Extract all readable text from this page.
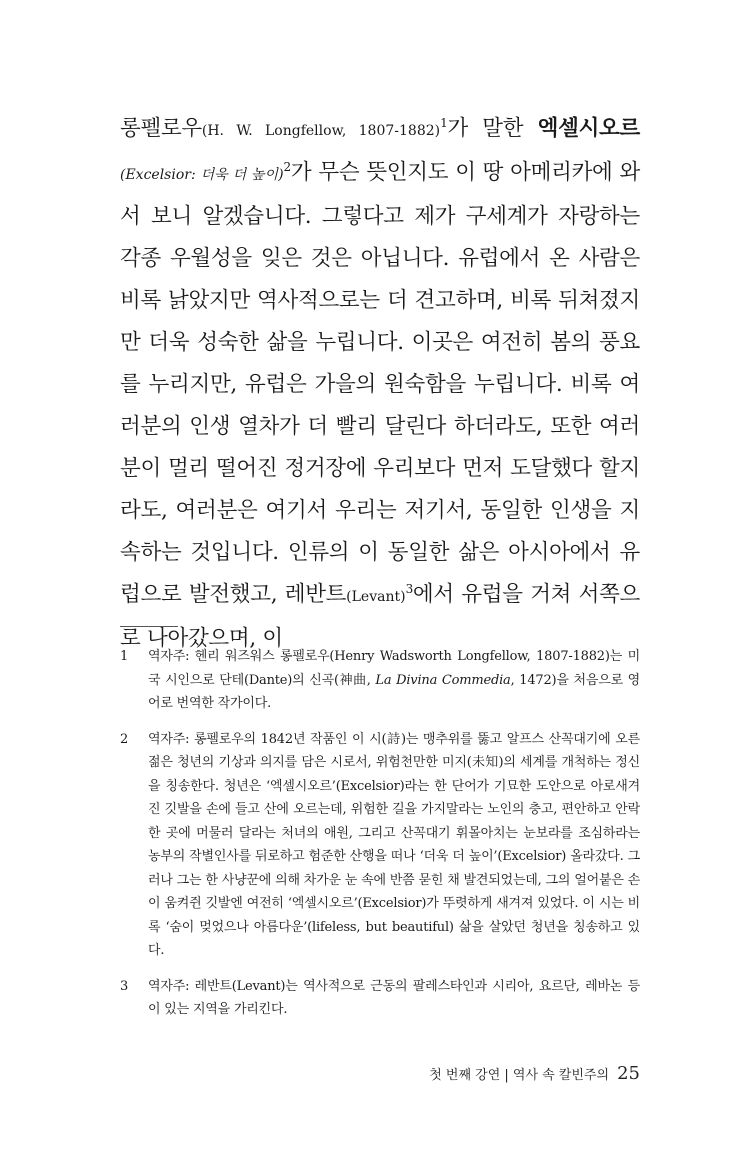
롱펠로우(H. W. Longfellow, 1807-1882)$^1$가 말한 엑셀시오르(Excelsior: 더욱 더 높이)$^2$가 무슨 뜻인지도 이 땅 아메리카에 와서 보니 알겠습니다. 그렇다고 제가 구세계가 자랑하는 각종 우월성을 잊은 것은 아닙니다. 유럽에서 온 사람은 비록 낡았지만 역사적으로는 더 견고하며, 비록 뒤쳐졌지만 더욱 성숙한 삶을 누립니다. 이곳은 여전히 봄의 풍요를 누리지만, 유럽은 가을의 원숙함을 누립니다. 비록 여러분의 인생 열차가 더 빨리 달린다 하더라도, 또한 여러분이 멀리 떨어진 정거장에 우리보다 먼저 도달했다 할지라도, 여러분은 여기서 우리는 저기서, 동일한 인생을 지속하는 것입니다. 인류의 이 동일한 삶은 아시아에서 유럽으로 발전했고, 레반트(Levant)$^3$에서 유럽을 거쳐 서쪽으로 나아갔으며, 이
1 역자주: 헨리 워즈워스 롱펠로우(Henry Wadsworth Longfellow, 1807-1882)는 미국 시인으로 단테(Dante)의 신곡(神曲, La Divina Commedia, 1472)을 처음으로 영어로 번역한 작가이다.
2 역자주: 롱펠로우의 1842년 작품인 이 시(詩)는 맹추위를 뚫고 알프스 산꼭대기에 오른 젊은 청년의 기상과 의지를 담은 시로서, 위험천만한 미지(未知)의 세계를 개척하는 정신을 칭송한다. 청년은 ‘엑셀시오르’(Excelsior)라는 한 단어가 기묘한 도안으로 아로새겨진 깃발을 손에 들고 산에 오르는데, 위험한 길을 가지말라는 노인의 충고, 편안하고 안락한 곳에 머물러 달라는 처녀의 애원, 그리고 산꼭대기 휘몰아치는 눈보라를 조심하라는 농부의 작별인사를 뒤로하고 험준한 산행을 떠나 ‘더욱 더 높이’(Excelsior) 올라갔다. 그러나 그는 한 사냥꾼에 의해 차가운 눈 속에 반쯤 묻힌 채 발견되었는데, 그의 얼어붙은 손이 움켜쥔 깃발엔 여전히 ‘엑셀시오르’(Excelsior)가 뚜렷하게 새겨져 있었다. 이 시는 비록 ‘숨이 멎었으나 아름다운’(lifeless, but beautiful) 삶을 살았던 청년을 칭송하고 있다.
3 역자주: 레반트(Levant)는 역사적으로 근동의 팔레스타인과 시리아, 요르단, 레바논 등이 있는 지역을 가리킨다.
첫 번째 강연 | 역사 속 칼빈주의 25
